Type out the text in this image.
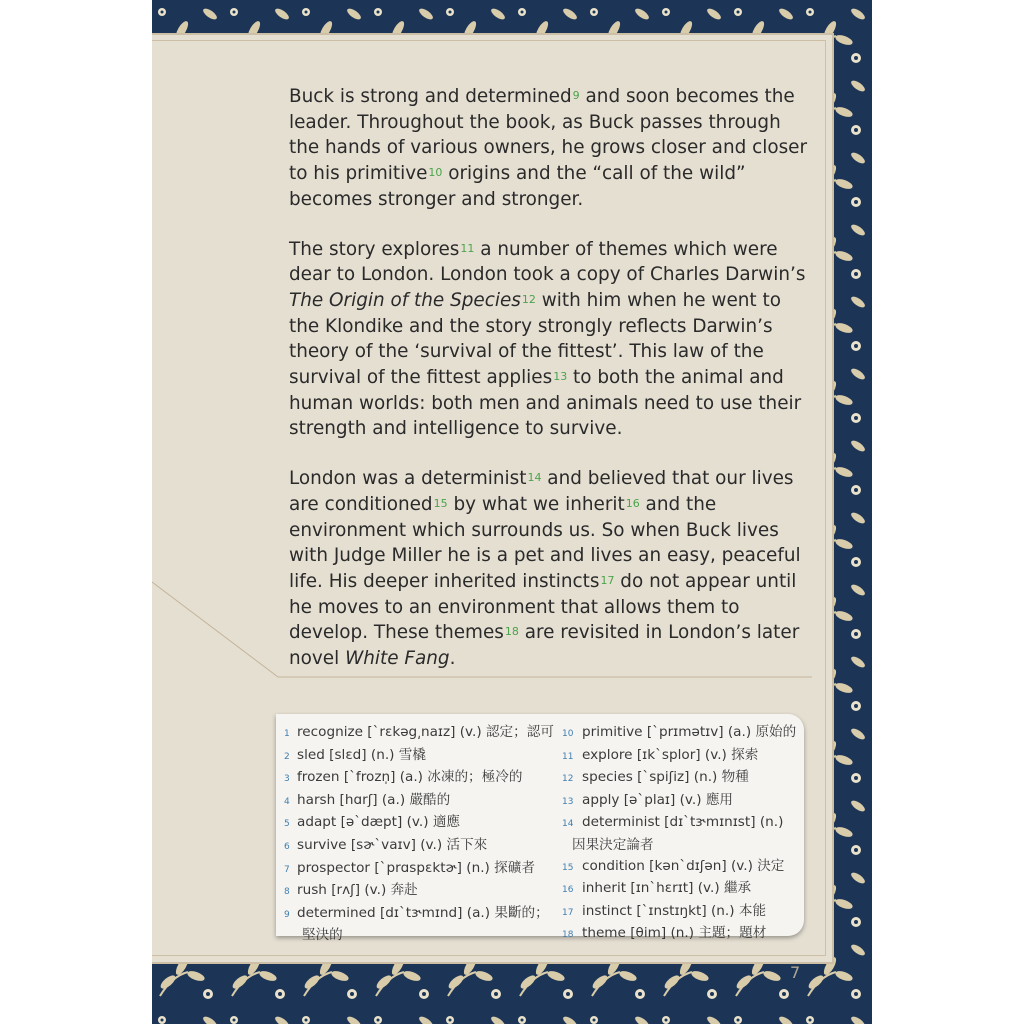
Buck is strong and determined$^9$ and soon becomes the leader. Throughout the book, as Buck passes through the hands of various owners, he grows closer and closer to his primitive$^{10}$ origins and the “call of the wild” becomes stronger and stronger.

The story explores$^{11}$ a number of themes which were dear to London. London took a copy of Charles Darwin’s The Origin of the Species$^{12}$ with him when he went to the Klondike and the story strongly reflects Darwin’s theory of the ‘survival of the fittest’. This law of the survival of the fittest applies$^{13}$ to both the animal and human worlds: both men and animals need to use their strength and intelligence to survive.

London was a determinist$^{14}$ and believed that our lives are conditioned$^{15}$ by what we inherit$^{16}$ and the environment which surrounds us. So when Buck lives with Judge Miller he is a pet and lives an easy, peaceful life. His deeper inherited instincts$^{17}$ do not appear until he moves to an environment that allows them to develop. These themes$^{18}$ are revisited in London’s later novel White Fang.

1 recognize [ˋrɛkəg͵naɪz] (v.) 認定；認可
2 sled [slɛd] (n.) 雪橇
3 frozen [ˋfrozn̩] (a.) 冰凍的；極冷的
4 harsh [hɑrʃ] (a.) 嚴酷的
5 adapt [əˋdæpt] (v.) 適應
6 survive [sɚˋvaɪv] (v.) 活下來
7 prospector [ˋprɑspɛktɚ] (n.) 探礦者
8 rush [rʌʃ] (v.) 奔赴
9 determined [dɪˋtɝmɪnd] (a.) 果斷的；
堅決的
10 primitive [ˋprɪmətɪv] (a.) 原始的
11 explore [ɪkˋsplor] (v.) 探索
12 species [ˋspiʃiz] (n.) 物種
13 apply [əˋplaɪ] (v.) 應用
14 determinist [dɪˋtɝmɪnɪst] (n.)
因果決定論者
15 condition [kənˋdɪʃən] (v.) 決定
16 inherit [ɪnˋhɛrɪt] (v.) 繼承
17 instinct [ˋɪnstɪŋkt] (n.) 本能
18 theme [θim] (n.) 主題；題材
7
